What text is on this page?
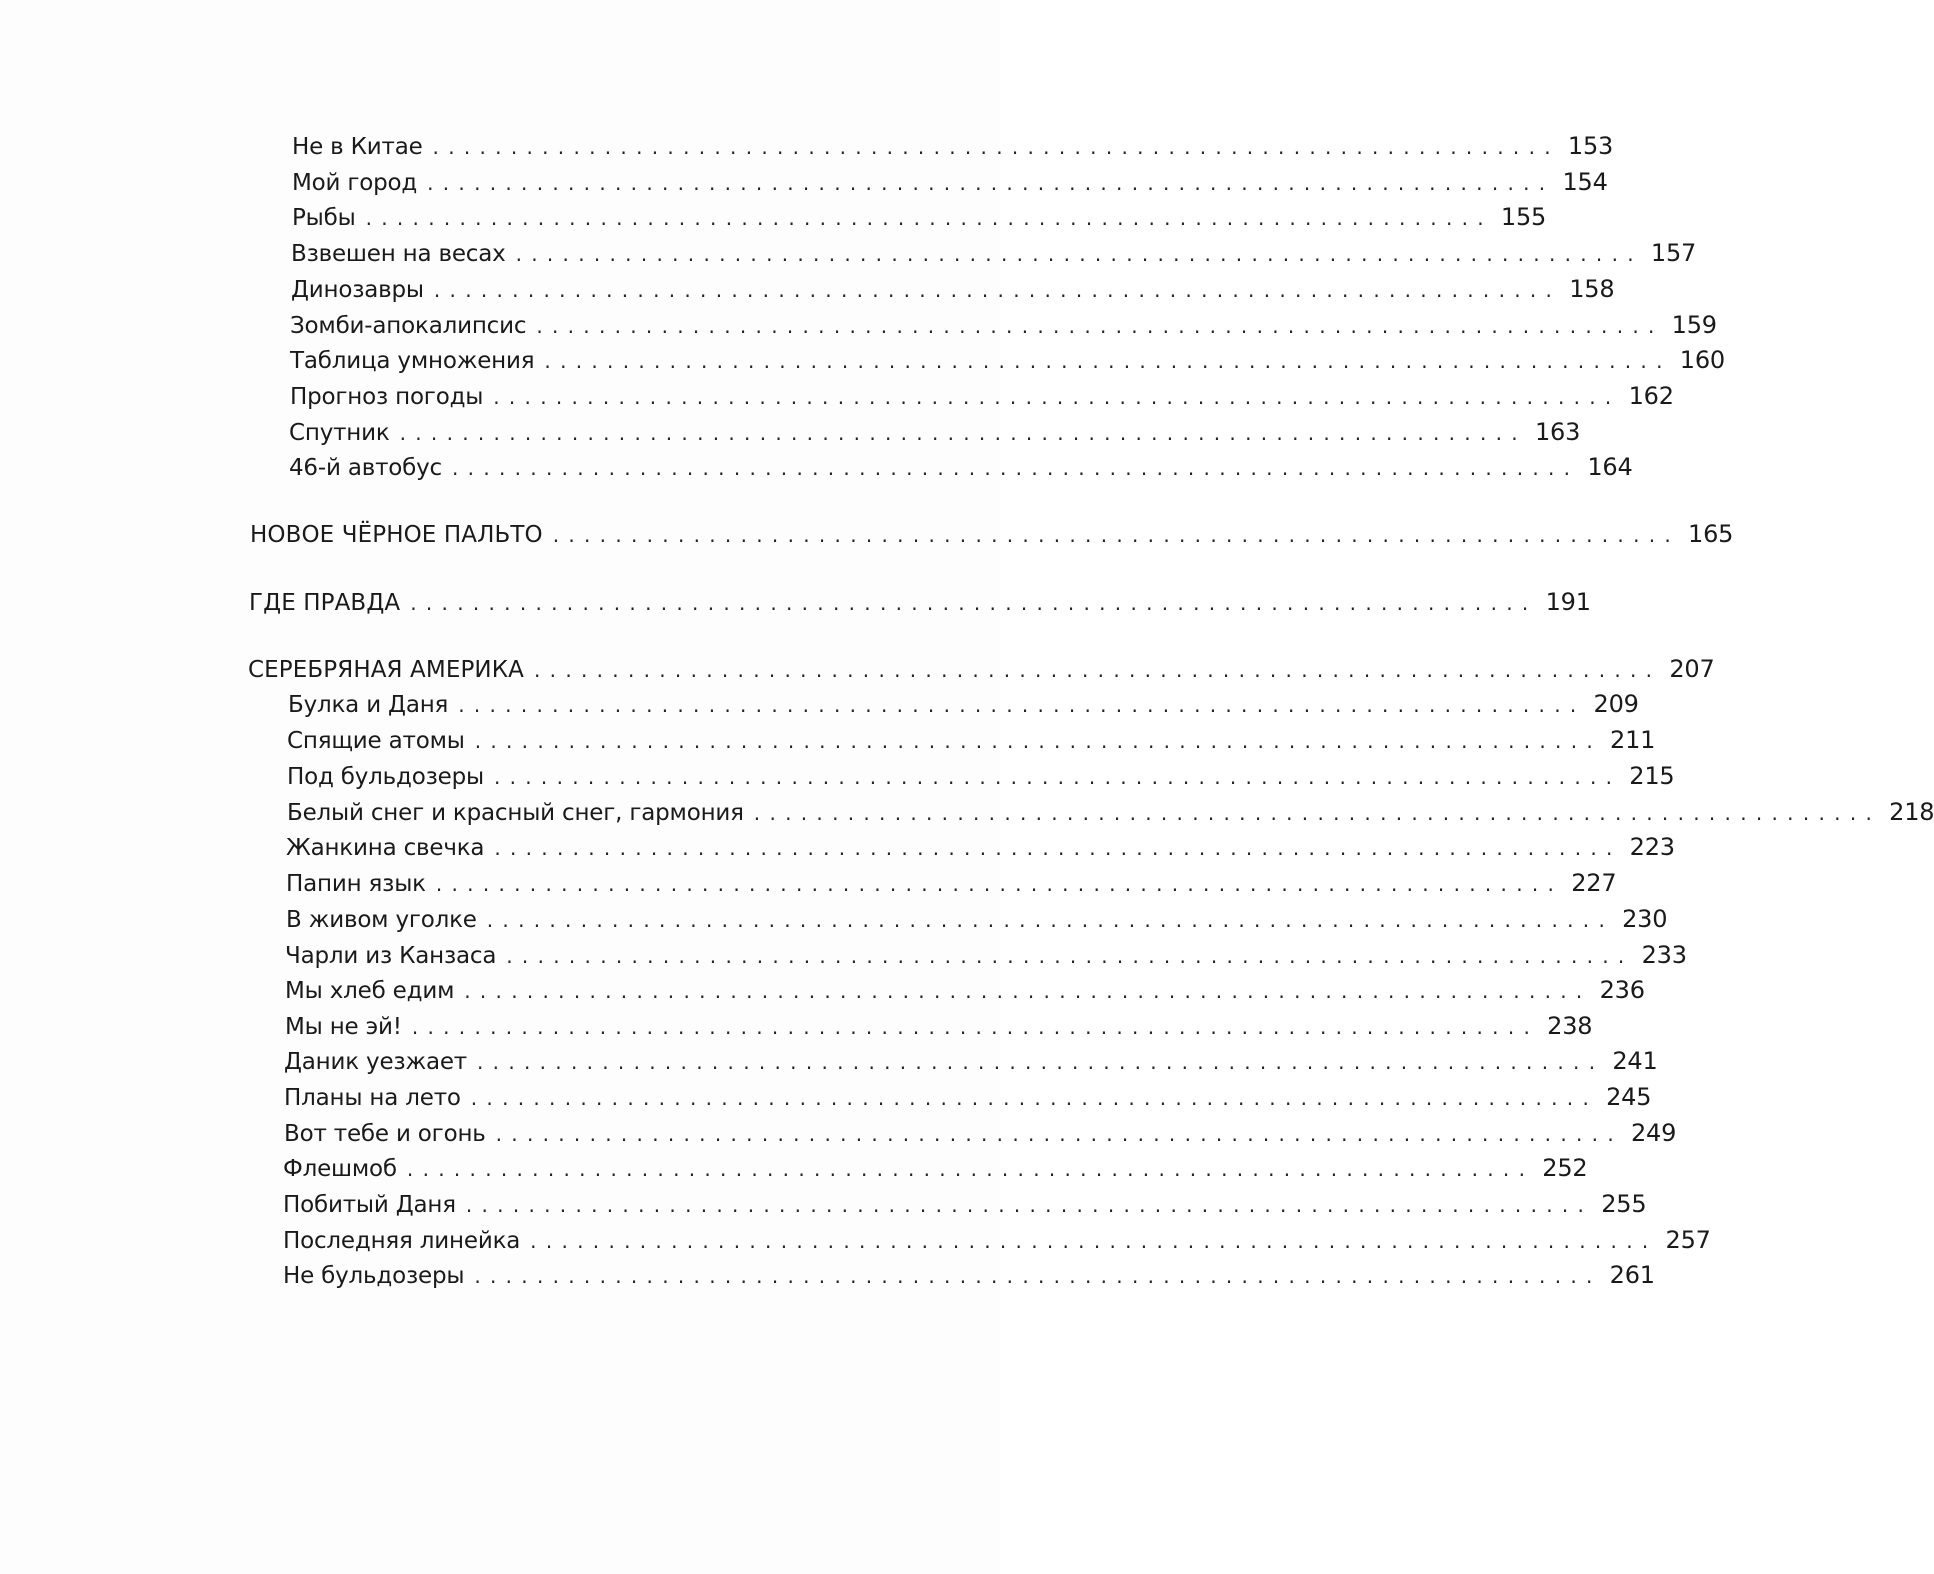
Не в Китае ........................................................................ 153
Мой город ........................................................................ 154
Рыбы ........................................................................ 155
Взвешен на весах ........................................................................ 157
Динозавры ........................................................................ 158
Зомби-апокалипсис ........................................................................ 159
Таблица умножения ........................................................................ 160
Прогноз погоды ........................................................................ 162
Спутник ........................................................................ 163
46-й автобус ........................................................................ 164
НОВОЕ ЧЁРНОЕ ПАЛЬТО ........................................................................ 165
ГДЕ ПРАВДА ........................................................................ 191
СЕРЕБРЯНАЯ АМЕРИКА ........................................................................ 207
Булка и Даня ........................................................................ 209
Спящие атомы ........................................................................ 211
Под бульдозеры ........................................................................ 215
Белый снег и красный снег, гармония ........................................................................ 218
Жанкина свечка ........................................................................ 223
Папин язык ........................................................................ 227
В живом уголке ........................................................................ 230
Чарли из Канзаса ........................................................................ 233
Мы хлеб едим ........................................................................ 236
Мы не эй! ........................................................................ 238
Даник уезжает ........................................................................ 241
Планы на лето ........................................................................ 245
Вот тебе и огонь ........................................................................ 249
Флешмоб ........................................................................ 252
Побитый Даня ........................................................................ 255
Последняя линейка ........................................................................ 257
Не бульдозеры ........................................................................ 261
